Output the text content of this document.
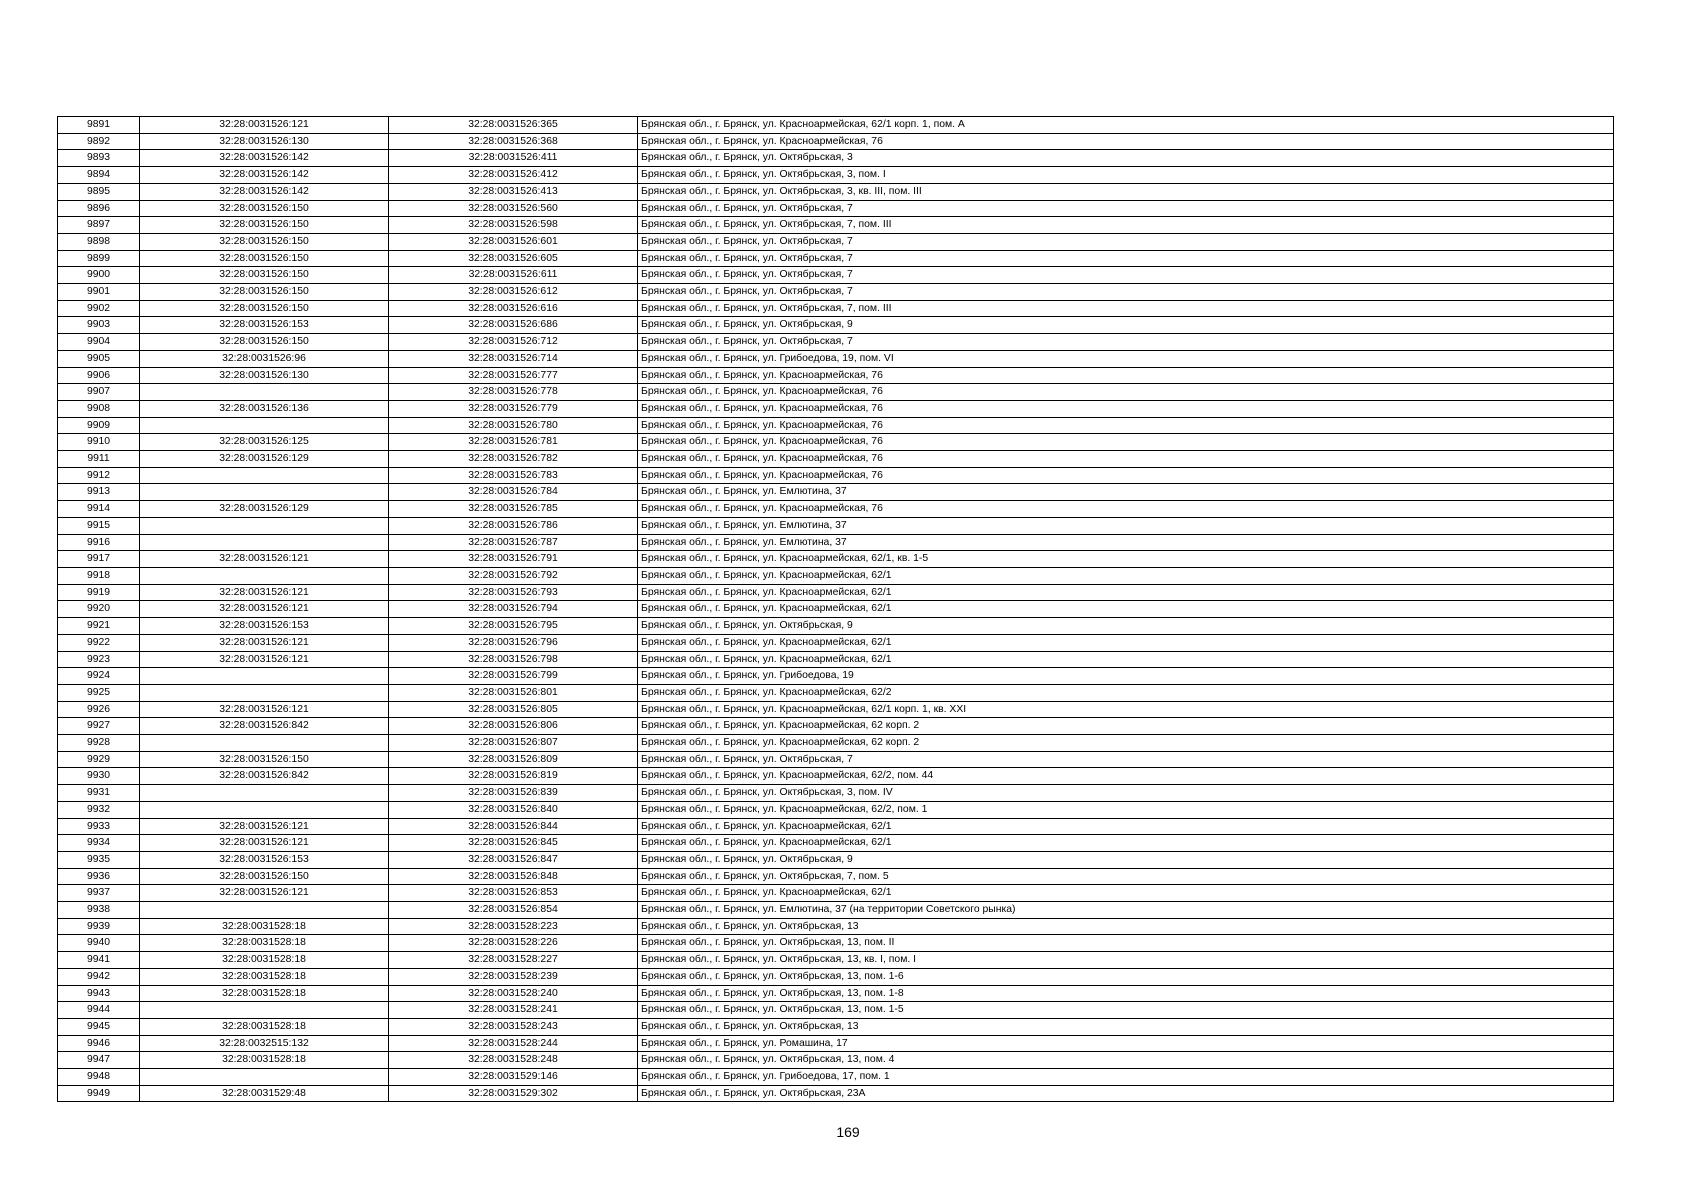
9891	32:28:0031526:121	32:28:0031526:365	Брянская обл., г. Брянск, ул. Красноармейская, 62/1 корп. 1, пом. А
9892	32:28:0031526:130	32:28:0031526:368	Брянская обл., г. Брянск, ул. Красноармейская, 76
9893	32:28:0031526:142	32:28:0031526:411	Брянская обл., г. Брянск, ул. Октябрьская, 3
9894	32:28:0031526:142	32:28:0031526:412	Брянская обл., г. Брянск, ул. Октябрьская, 3, пом. I
9895	32:28:0031526:142	32:28:0031526:413	Брянская обл., г. Брянск, ул. Октябрьская, 3, кв. III, пом. III
9896	32:28:0031526:150	32:28:0031526:560	Брянская обл., г. Брянск, ул. Октябрьская, 7
9897	32:28:0031526:150	32:28:0031526:598	Брянская обл., г. Брянск, ул. Октябрьская, 7, пом. III
9898	32:28:0031526:150	32:28:0031526:601	Брянская обл., г. Брянск, ул. Октябрьская, 7
9899	32:28:0031526:150	32:28:0031526:605	Брянская обл., г. Брянск, ул. Октябрьская, 7
9900	32:28:0031526:150	32:28:0031526:611	Брянская обл., г. Брянск, ул. Октябрьская, 7
9901	32:28:0031526:150	32:28:0031526:612	Брянская обл., г. Брянск, ул. Октябрьская, 7
9902	32:28:0031526:150	32:28:0031526:616	Брянская обл., г. Брянск, ул. Октябрьская, 7, пом. III
9903	32:28:0031526:153	32:28:0031526:686	Брянская обл., г. Брянск, ул. Октябрьская, 9
9904	32:28:0031526:150	32:28:0031526:712	Брянская обл., г. Брянск, ул. Октябрьская, 7
9905	32:28:0031526:96	32:28:0031526:714	Брянская обл., г. Брянск, ул. Грибоедова, 19, пом. VI
9906	32:28:0031526:130	32:28:0031526:777	Брянская обл., г. Брянск, ул. Красноармейская, 76
9907		32:28:0031526:778	Брянская обл., г. Брянск, ул. Красноармейская, 76
9908	32:28:0031526:136	32:28:0031526:779	Брянская обл., г. Брянск, ул. Красноармейская, 76
9909		32:28:0031526:780	Брянская обл., г. Брянск, ул. Красноармейская, 76
9910	32:28:0031526:125	32:28:0031526:781	Брянская обл., г. Брянск, ул. Красноармейская, 76
9911	32:28:0031526:129	32:28:0031526:782	Брянская обл., г. Брянск, ул. Красноармейская, 76
9912		32:28:0031526:783	Брянская обл., г. Брянск, ул. Красноармейская, 76
9913		32:28:0031526:784	Брянская обл., г. Брянск, ул. Емлютина, 37
9914	32:28:0031526:129	32:28:0031526:785	Брянская обл., г. Брянск, ул. Красноармейская, 76
9915		32:28:0031526:786	Брянская обл., г. Брянск, ул. Емлютина, 37
9916		32:28:0031526:787	Брянская обл., г. Брянск, ул. Емлютина, 37
9917	32:28:0031526:121	32:28:0031526:791	Брянская обл., г. Брянск, ул. Красноармейская, 62/1, кв. 1-5
9918		32:28:0031526:792	Брянская обл., г. Брянск, ул. Красноармейская, 62/1
9919	32:28:0031526:121	32:28:0031526:793	Брянская обл., г. Брянск, ул. Красноармейская, 62/1
9920	32:28:0031526:121	32:28:0031526:794	Брянская обл., г. Брянск, ул. Красноармейская, 62/1
9921	32:28:0031526:153	32:28:0031526:795	Брянская обл., г. Брянск, ул. Октябрьская, 9
9922	32:28:0031526:121	32:28:0031526:796	Брянская обл., г. Брянск, ул. Красноармейская, 62/1
9923	32:28:0031526:121	32:28:0031526:798	Брянская обл., г. Брянск, ул. Красноармейская, 62/1
9924		32:28:0031526:799	Брянская обл., г. Брянск, ул. Грибоедова, 19
9925		32:28:0031526:801	Брянская обл., г. Брянск, ул. Красноармейская, 62/2
9926	32:28:0031526:121	32:28:0031526:805	Брянская обл., г. Брянск, ул. Красноармейская, 62/1 корп. 1, кв. XXI
9927	32:28:0031526:842	32:28:0031526:806	Брянская обл., г. Брянск, ул. Красноармейская, 62 корп. 2
9928		32:28:0031526:807	Брянская обл., г. Брянск, ул. Красноармейская, 62 корп. 2
9929	32:28:0031526:150	32:28:0031526:809	Брянская обл., г. Брянск, ул. Октябрьская, 7
9930	32:28:0031526:842	32:28:0031526:819	Брянская обл., г. Брянск, ул. Красноармейская, 62/2, пом. 44
9931		32:28:0031526:839	Брянская обл., г. Брянск, ул. Октябрьская, 3, пом. IV
9932		32:28:0031526:840	Брянская обл., г. Брянск, ул. Красноармейская, 62/2, пом. 1
9933	32:28:0031526:121	32:28:0031526:844	Брянская обл., г. Брянск, ул. Красноармейская, 62/1
9934	32:28:0031526:121	32:28:0031526:845	Брянская обл., г. Брянск, ул. Красноармейская, 62/1
9935	32:28:0031526:153	32:28:0031526:847	Брянская обл., г. Брянск, ул. Октябрьская, 9
9936	32:28:0031526:150	32:28:0031526:848	Брянская обл., г. Брянск, ул. Октябрьская, 7, пом. 5
9937	32:28:0031526:121	32:28:0031526:853	Брянская обл., г. Брянск, ул. Красноармейская, 62/1
9938		32:28:0031526:854	Брянская обл., г. Брянск, ул. Емлютина, 37 (на территории Советского рынка)
9939	32:28:0031528:18	32:28:0031528:223	Брянская обл., г. Брянск, ул. Октябрьская, 13
9940	32:28:0031528:18	32:28:0031528:226	Брянская обл., г. Брянск, ул. Октябрьская, 13, пом. II
9941	32:28:0031528:18	32:28:0031528:227	Брянская обл., г. Брянск, ул. Октябрьская, 13, кв. I, пом. I
9942	32:28:0031528:18	32:28:0031528:239	Брянская обл., г. Брянск, ул. Октябрьская, 13, пом. 1-6
9943	32:28:0031528:18	32:28:0031528:240	Брянская обл., г. Брянск, ул. Октябрьская, 13, пом. 1-8
9944		32:28:0031528:241	Брянская обл., г. Брянск, ул. Октябрьская, 13, пом. 1-5
9945	32:28:0031528:18	32:28:0031528:243	Брянская обл., г. Брянск, ул. Октябрьская, 13
9946	32:28:0032515:132	32:28:0031528:244	Брянская обл., г. Брянск, ул. Ромашина, 17
9947	32:28:0031528:18	32:28:0031528:248	Брянская обл., г. Брянск, ул. Октябрьская, 13, пом. 4
9948		32:28:0031529:146	Брянская обл., г. Брянск, ул. Грибоедова, 17, пом. 1
9949	32:28:0031529:48	32:28:0031529:302	Брянская обл., г. Брянск, ул. Октябрьская, 23А
169
